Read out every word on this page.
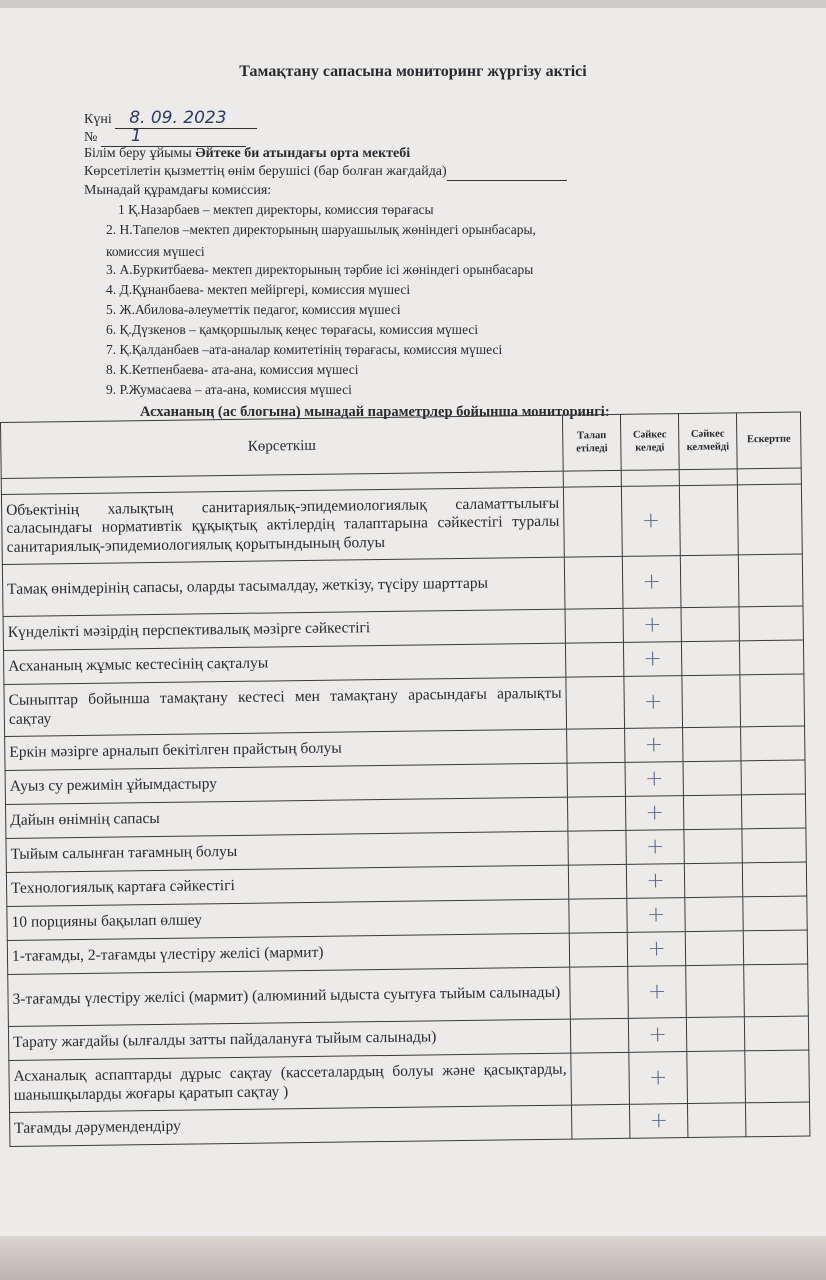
Тамақтану сапасына мониторинг жүргізу актісі
Күні 8. 09. 2023
№ 1
Білім беру ұйымы Әйтеке би атындағы орта мектебі
Көрсетілетін қызметтің өнім берушісі (бар болған жағдайда)
Мынадай құрамдағы комиссия:
1 Қ.Назарбаев – мектеп директоры, комиссия төрағасы
2. Н.Тапелов –мектеп директорының шаруашылық жөніндегі орынбасары,
комиссия мүшесі
3. А.Буркитбаева- мектеп директорының тәрбие ісі жөніндегі орынбасары
4. Д.Құнанбаева- мектеп мейіргері, комиссия мүшесі
5. Ж.Абилова-әлеуметтік педагог, комиссия мүшесі
6. Қ.Дүзкенов – қамқоршылық кеңес төрағасы, комиссия мүшесі
7. Қ.Қалданбаев –ата-аналар комитетінің төрағасы, комиссия мүшесі
8. К.Кетпенбаева- ата-ана, комиссия мүшесі
9. Р.Жумасаева – ата-ана, комиссия мүшесі
Асхананың (ас блогына) мынадай параметрлер бойынша мониторингі:
Көрсеткіш	Талап етіледі	Сәйкес келеді	Сәйкес келмейді	Ескертпе

Объектінің халықтың санитариялық-эпидемиологиялық саламаттылығы саласындағы нормативтік құқықтық актілердің талаптарына сәйкестігі туралы санитариялық-эпидемиологиялық қорытындының болуы		+		
Тамақ өнімдерінің сапасы, оларды тасымалдау, жеткізу, түсіру шарттары		+		
Күнделікті мәзірдің перспективалық мәзірге сәйкестігі		+		
Асхананың жұмыс кестесінің сақталуы		+		
Сыныптар бойынша тамақтану кестесі мен тамақтану арасындағы аралықты сақтау		+		
Еркін мәзірге арналып бекітілген прайстың болуы		+		
Ауыз су режимін ұйымдастыру		+		
Дайын өнімнің сапасы		+		
Тыйым салынған тағамның болуы		+		
Технологиялық картаға сәйкестігі		+		
10 порцияны бақылап өлшеу		+		
1-тағамды, 2-тағамды үлестіру желісі (мармит)		+		
3-тағамды үлестіру желісі (мармит) (алюминий ыдыста суытуға тыйым салынады)		+		
Тарату жағдайы (ылғалды затты пайдалануға тыйым салынады)		+		
Асханалық аспаптарды дұрыс сақтау (кассеталардың болуы және қасықтарды, шанышқыларды жоғары қаратып сақтау )		+		
Тағамды дәрумендендіру		+		
